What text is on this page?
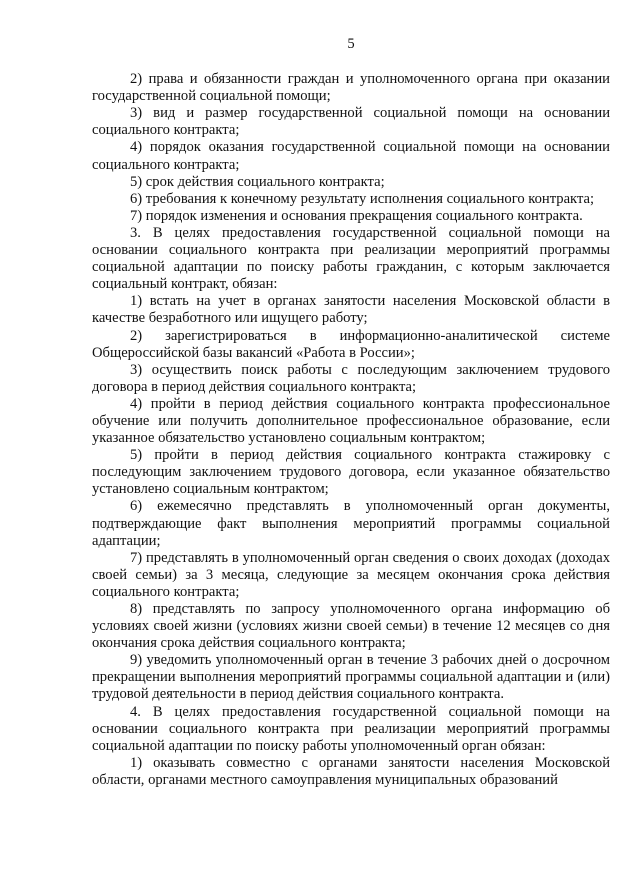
5

2) права и обязанности граждан и уполномоченного органа при оказании государственной социальной помощи;

3) вид и размер государственной социальной помощи на основании социального контракта;

4) порядок оказания государственной социальной помощи на основании социального контракта;

5) срок действия социального контракта;

6) требования к конечному результату исполнения социального контракта;

7) порядок изменения и основания прекращения социального контракта.

3. В целях предоставления государственной социальной помощи на основании социального контракта при реализации мероприятий программы социальной адаптации по поиску работы гражданин, с которым заключается социальный контракт, обязан:

1) встать на учет в органах занятости населения Московской области в качестве безработного или ищущего работу;

2) зарегистрироваться в информационно-аналитической системе Общероссийской базы вакансий «Работа в России»;

3) осуществить поиск работы с последующим заключением трудового договора в период действия социального контракта;

4) пройти в период действия социального контракта профессиональное обучение или получить дополнительное профессиональное образование, если указанное обязательство установлено социальным контрактом;

5) пройти в период действия социального контракта стажировку с последующим заключением трудового договора, если указанное обязательство установлено социальным контрактом;

6) ежемесячно представлять в уполномоченный орган документы, подтверждающие факт выполнения мероприятий программы социальной адаптации;

7) представлять в уполномоченный орган сведения о своих доходах (доходах своей семьи) за 3 месяца, следующие за месяцем окончания срока действия социального контракта;

8) представлять по запросу уполномоченного органа информацию об условиях своей жизни (условиях жизни своей семьи) в течение 12 месяцев со дня окончания срока действия социального контракта;

9) уведомить уполномоченный орган в течение 3 рабочих дней о досрочном прекращении выполнения мероприятий программы социальной адаптации и (или) трудовой деятельности в период действия социального контракта.

4. В целях предоставления государственной социальной помощи на основании социального контракта при реализации мероприятий программы социальной адаптации по поиску работы уполномоченный орган обязан:

1) оказывать совместно с органами занятости населения Московской области, органами местного самоуправления муниципальных образований
